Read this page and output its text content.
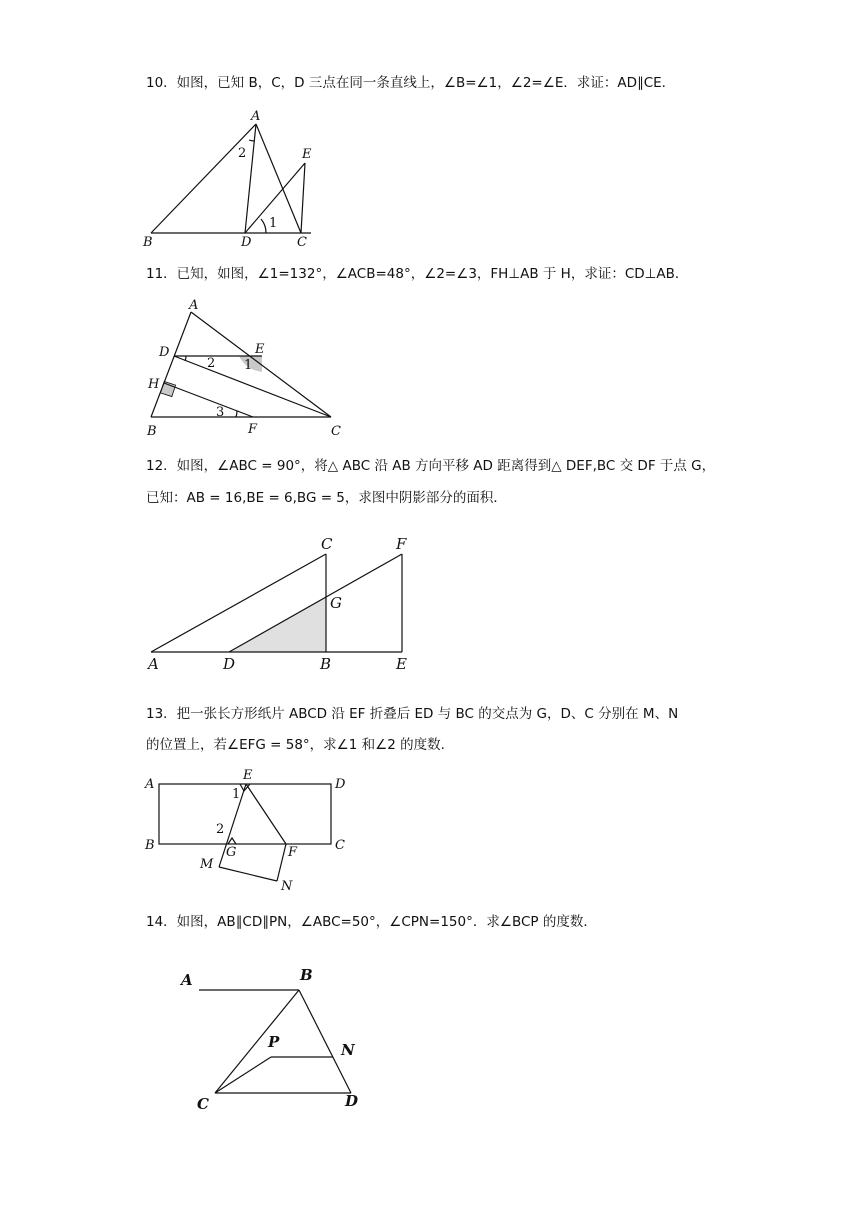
10．如图，已知 B，C，D 三点在同一条直线上，∠B=∠1，∠2=∠E．求证：AD∥CE．
A
B	D	C
E
1
2
11．已知，如图，∠1=132°，∠ACB=48°，∠2=∠3，FH⊥AB 于 H，求证：CD⊥AB．
A
D	E
H
B	F	C
1
2
3
12．如图，∠ABC = 90°，将△ ABC 沿 AB 方向平移 AD 距离得到△ DEF,BC 交 DF 于点 G，
已知：AB = 16,BE = 6,BG = 5，求图中阴影部分的面积．
A	D	B	E
C	F
G
13．把一张长方形纸片 ABCD 沿 EF 折叠后 ED 与 BC 的交点为 G，D、C 分别在 M、N
的位置上，若∠EFG = 58°，求∠1 和∠2 的度数.
A
E
D
B	C
G	F
M
N
1
2
14．如图，AB∥CD∥PN，∠ABC=50°，∠CPN=150°．求∠BCP 的度数．
A	B
P	N
C	D
